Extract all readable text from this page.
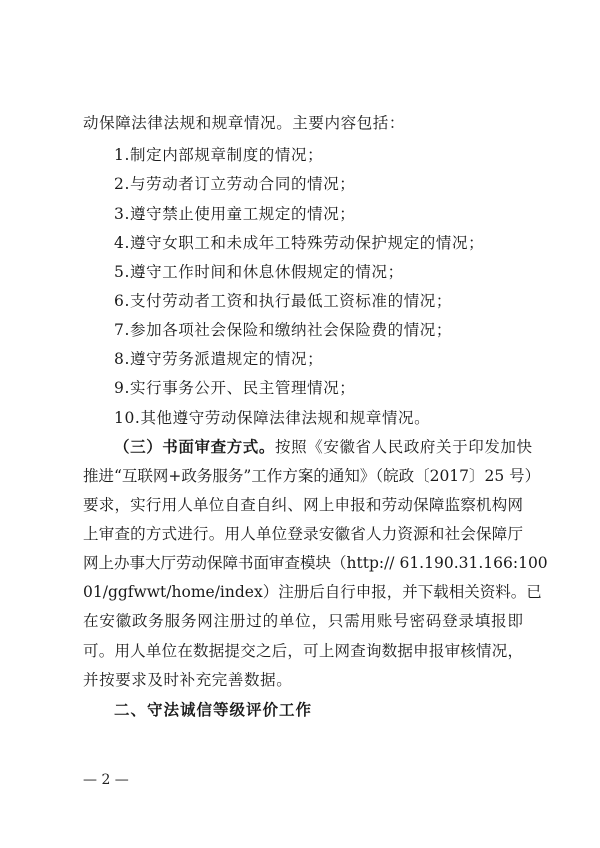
动保障法律法规和规章情况。主要内容包括：
1.制定内部规章制度的情况；
2.与劳动者订立劳动合同的情况；
3.遵守禁止使用童工规定的情况；
4.遵守女职工和未成年工特殊劳动保护规定的情况；
5.遵守工作时间和休息休假规定的情况；
6.支付劳动者工资和执行最低工资标准的情况；
7.参加各项社会保险和缴纳社会保险费的情况；
8.遵守劳务派遣规定的情况；
9.实行事务公开、民主管理情况；
10.其他遵守劳动保障法律法规和规章情况。
（三）书面审查方式。按照《安徽省人民政府关于印发加快
推进“互联网+政务服务”工作方案的通知》（皖政〔2017〕25 号）
要求，实行用人单位自查自纠、网上申报和劳动保障监察机构网
上审查的方式进行。用人单位登录安徽省人力资源和社会保障厅
网上办事大厅劳动保障书面审查模块（http:// 61.190.31.166:100
01/ggfwwt/home/index）注册后自行申报，并下载相关资料。已
在安徽政务服务网注册过的单位，只需用账号密码登录填报即
可。用人单位在数据提交之后，可上网查询数据申报审核情况，
并按要求及时补充完善数据。
二、守法诚信等级评价工作
— 2 —
